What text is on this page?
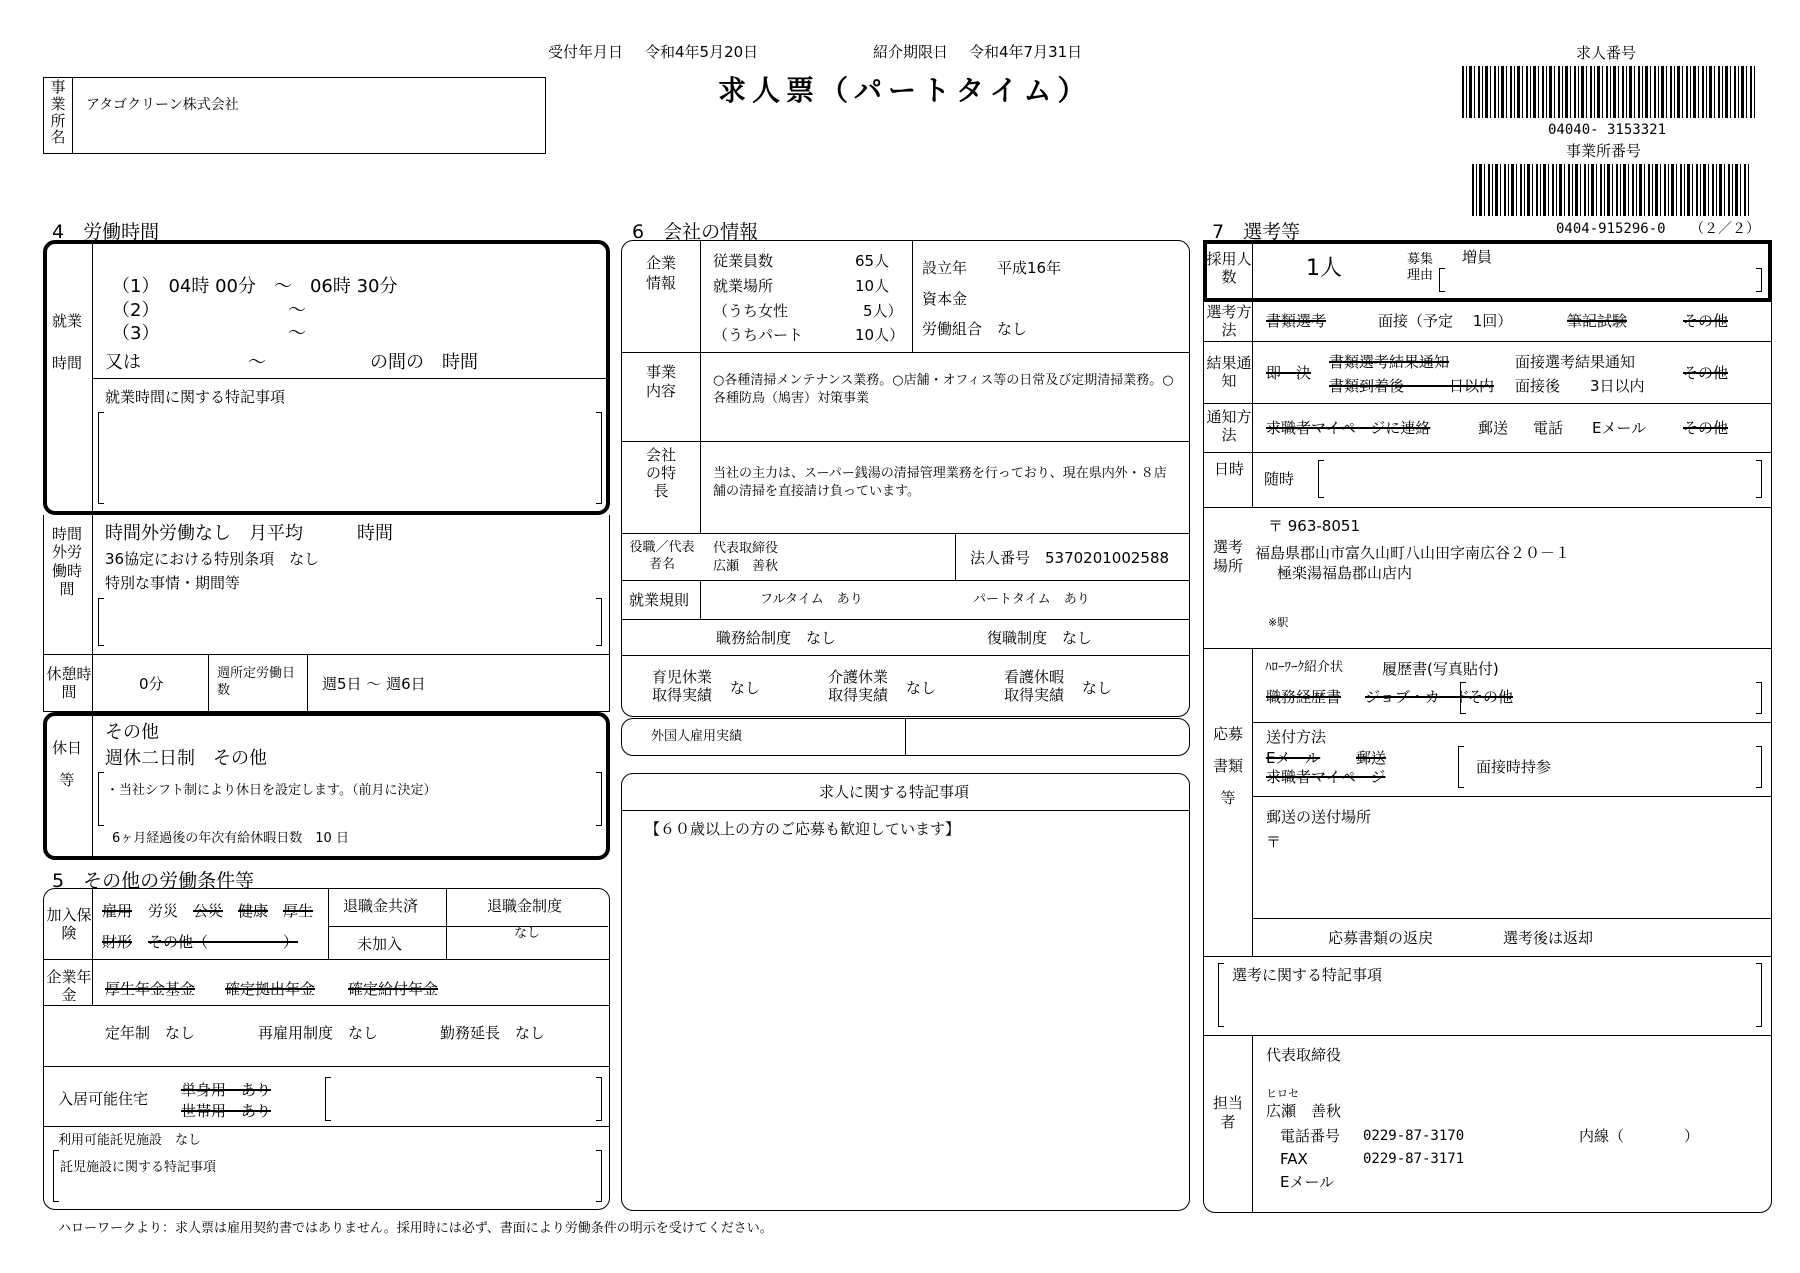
受付年月日 令和4年5月20日	紹介期限日 令和4年7月31日
求人票（パートタイム）
事業所名
アタゴクリーン株式会社
求人番号
04040- 3153321
事業所番号
0404-915296-0 （２／２）
4　労働時間
就業時間
（1）　04時 00分　～　06時 30分
（2）	～
（3）	～
又は	～	の間の　時間
就業時間に関する特記事項
時間外労働時間
時間外労働なし　月平均　　　時間
36協定における特別条項　なし
特別な事情・期間等
休憩時間	0分
週所定労働日数	週5日 ～ 週6日
休日等
その他
週休二日制　その他
・当社シフト制により休日を設定します。（前月に決定）
6ヶ月経過後の年次有給休暇日数　10 日
5　その他の労働条件等
加入保険
雇用 労災 公災 健康 厚生
財形 その他（　　　　　）
退職金共済
未加入
退職金制度
なし
企業年金	厚生年金基金 確定拠出年金 確定給付年金
定年制　なし	再雇用制度　なし	勤務延長　なし
入居可能住宅 単身用　あり
世帯用　あり
利用可能託児施設　なし
託児施設に関する特記事項
ハローワークより：求人票は雇用契約書ではありません。採用時には必ず、書面により労働条件の明示を受けてください。
6　会社の情報
企業情報
従業員数	65人
就業場所	10人
（うち女性	5人）
（うちパート	10人）
設立年　　平成16年
資本金
労働組合　なし
事業内容
○各種清掃メンテナンス業務。○店舗・オフィス等の日常及び定期清掃業務。○各種防鳥（鳩害）対策事業
会社の特長
当社の主力は、スーパー銭湯の清掃管理業務を行っており、現在県内外・８店舗の清掃を直接請け負っています。
役職／代表者名
代表取締役
広瀬　善秋	法人番号　5370201002588
就業規則	フルタイム　あり	パートタイム　あり
職務給制度　なし	復職制度　なし
育児休業取得実績	なし
介護休業取得実績	なし
看護休暇取得実績	なし
外国人雇用実績
求人に関する特記事項
【６０歳以上の方のご応募も歓迎しています】
7　選考等
採用人数	1人	募集理由
増員
選考方法	書類選考	面接（予定　 1回）	筆記試験	その他
結果通知	即　決
書類選考結果通知
書類到着後　　　日以内
面接選考結果通知
面接後　　3日以内
その他
通知方法	求職者マイページに連絡	郵送 電話 Eメール その他
日時
随時
選考場所
〒 963-8051
福島県郡山市富久山町八山田字南広谷２０－１
極楽湯福島郡山店内
※駅
応募書類等
ﾊﾛｰﾜｰｸ紹介状	履歴書(写真貼付)
職務経歴書 ジョブ・カード
その他
送付方法
Eメール 郵送
求職者マイページ
面接時持参
郵送の送付場所
〒
応募書類の返戻	選考後は返却
選考に関する特記事項
担当者
代表取締役
ヒロセ
広瀬　善秋
電話番号 0229-87-3170	内線（　　　　）
FAX	0229-87-3171
Eメール
